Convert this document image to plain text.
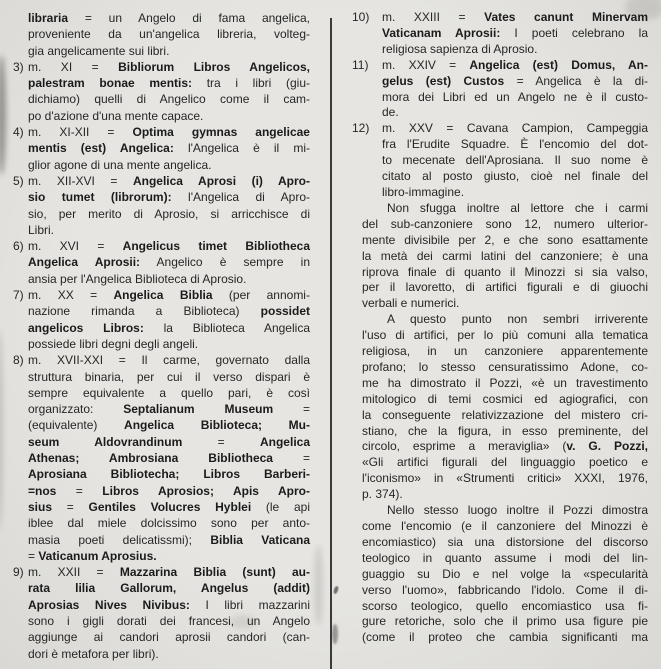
libraria = un Angelo di fama angelica,
proveniente da un'angelica libreria, volteg-
gia angelicamente sui libri.
3) m. XI = Bibliorum Libros Angelicos,
palestram bonae mentis: tra i libri (giu-
dichiamo) quelli di Angelico come il cam-
po d'azione d'una mente capace.
4) m. XI-XII = Optima gymnas angelicae
mentis (est) Angelica: l'Angelica è il mi-
glior agone di una mente angelica.
5) m. XII-XVI = Angelica Aprosi (i) Apro-
sio tumet (librorum): l'Angelica di Apro-
sio, per merito di Aprosio, si arricchisce di
Libri.
6) m. XVI = Angelicus timet Bibliotheca
Angelica Aprosii: Angelico è sempre in
ansia per l'Angelica Biblioteca di Aprosio.
7) m. XX = Angelica Biblia (per annomi-
nazione rimanda a Biblioteca) possidet
angelicos Libros: la Biblioteca Angelica
possiede libri degni degli angeli.
8) m. XVII-XXI = Il carme, governato dalla
struttura binaria, per cui il verso dispari è
sempre equivalente a quello pari, è così
organizzato: Septalianum Museum =
(equivalente) Angelica Biblioteca; Mu-
seum Aldovrandinum = Angelica
Athenas; Ambrosiana Bibliotheca =
Aprosiana Bibliotecha; Libros Barberi-
=nos = Libros Aprosios; Apis Apro-
sius = Gentiles Volucres Hyblei (le api
iblee dal miele dolcissimo sono per anto-
masia poeti delicatissmi); Biblia Vaticana
= Vaticanum Aprosius.
9) m. XXII = Mazzarina Biblia (sunt) au-
rata lilia Gallorum, Angelus (addit)
Aprosias Nives Nivibus: I libri mazzarini
sono i gigli dorati dei francesi, un Angelo
aggiunge ai candori aprosii candori (can-
dori è metafora per libri).
10) m. XXIII = Vates canunt Minervam
Vaticanam Aprosii: I poeti celebrano la
religiosa sapienza di Aprosio.
11) m. XXIV = Angelica (est) Domus, An-
gelus (est) Custos = Angelica è la di-
mora dei Libri ed un Angelo ne è il custo-
de.
12) m. XXV = Cavana Campion, Campeggia
fra l'Erudite Squadre. È l'encomio del dot-
to mecenate dell'Aprosiana. Il suo nome è
citato al posto giusto, cioè nel finale del
libro-immagine.
Non sfugga inoltre al lettore che i carmi
del sub-canzoniere sono 12, numero ulterior-
mente divisibile per 2, e che sono esattamente
la metà dei carmi latini del canzoniere; è una
riprova finale di quanto il Minozzi si sia valso,
per il lavoretto, di artifici figurali e di giuochi
verbali e numerici.
A questo punto non sembri irriverente
l'uso di artifici, per lo più comuni alla tematica
religiosa, in un canzoniere apparentemente
profano; lo stesso censuratissimo Adone, co-
me ha dimostrato il Pozzi, «è un travestimento
mitologico di temi cosmici ed agiografici, con
la conseguente relativizzazione del mistero cri-
stiano, che la figura, in esso preminente, del
circolo, esprime a meraviglia» (v. G. Pozzi,
«Gli artifici figurali del linguaggio poetico e
l'iconismo» in «Strumenti critici» XXXI, 1976,
p. 374).
Nello stesso luogo inoltre il Pozzi dimostra
come l'encomio (e il canzoniere del Minozzi è
encomiastico) sia una distorsione del discorso
teologico in quanto assume i modi del lin-
guaggio su Dio e nel volge la «specularità
verso l'uomo», fabbricando l'idolo. Come il di-
scorso teologico, quello encomiastico usa fi-
gure retoriche, solo che il primo usa figure pie
(come il proteo che cambia significanti ma
